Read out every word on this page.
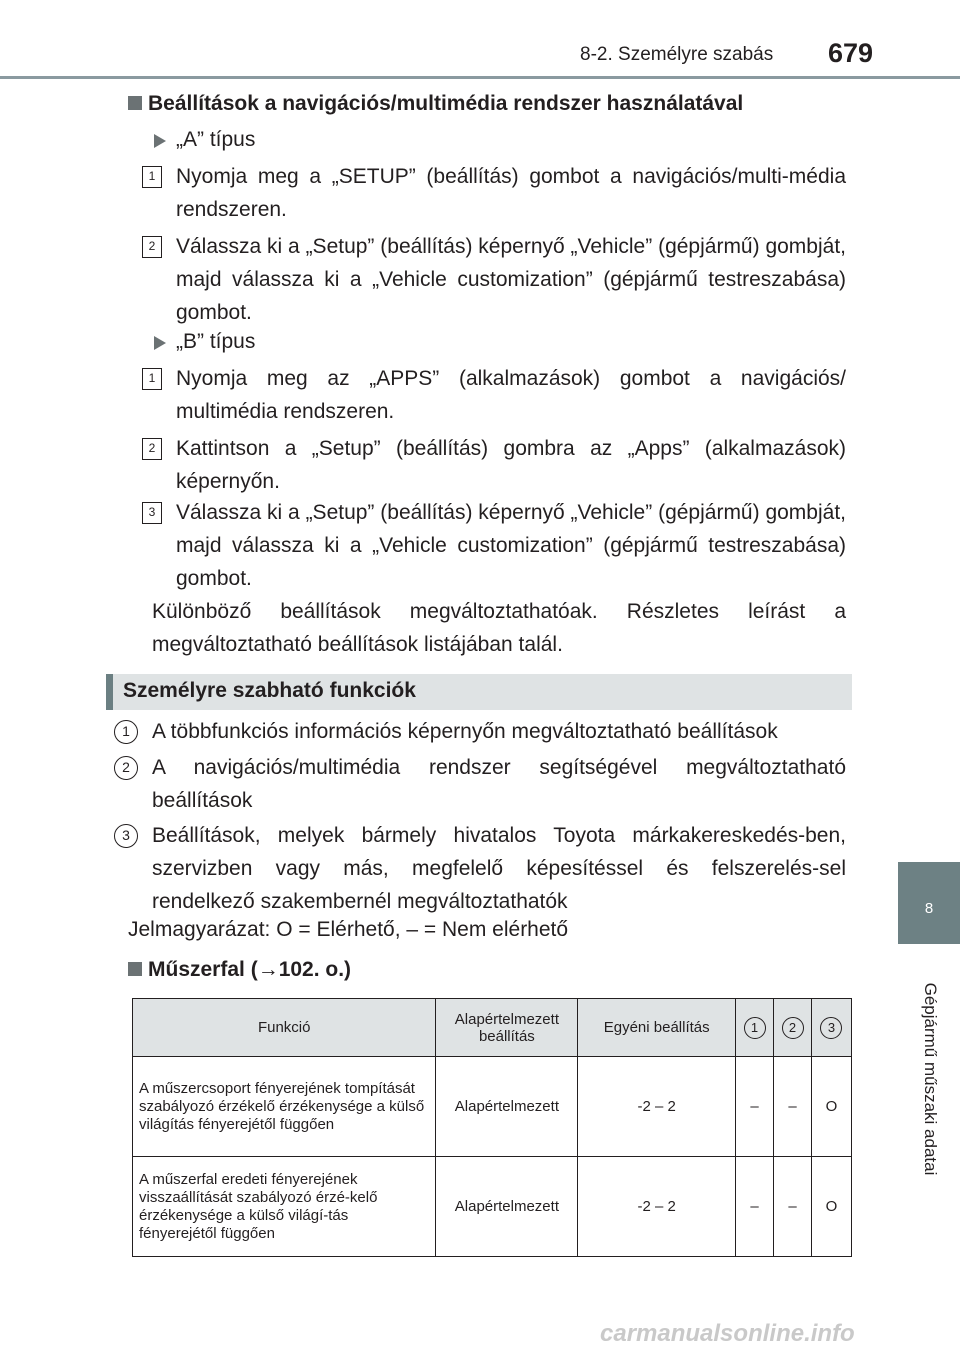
8-2. Személyre szabás 679
8
Gépjármű műszaki adatai
Beállítások a navigációs/multimédia rendszer használatával
„A” típus
1 Nyomja meg a „SETUP” (beállítás) gombot a navigációs/multi-média rendszeren.
2 Válassza ki a „Setup” (beállítás) képernyő „Vehicle” (gépjármű) gombját, majd válassza ki a „Vehicle customization” (gépjármű testreszabása) gombot.
„B” típus
1 Nyomja meg az „APPS” (alkalmazások) gombot a navigációs/ multimédia rendszeren.
2 Kattintson a „Setup” (beállítás) gombra az „Apps” (alkalmazások) képernyőn.
3 Válassza ki a „Setup” (beállítás) képernyő „Vehicle” (gépjármű) gombját, majd válassza ki a „Vehicle customization” (gépjármű testreszabása) gombot.
Különböző beállítások megváltoztathatóak. Részletes leírást a megváltoztatható beállítások listájában talál.
Személyre szabható funkciók
1	A többfunkciós információs képernyőn megváltoztatható beállítások
2	A navigációs/multimédia rendszer segítségével megváltoztatható beállítások
3	Beállítások, melyek bármely hivatalos Toyota márkakereskedés-ben, szervizben vagy más, megfelelő képesítéssel és felszerelés-sel rendelkező szakembernél megváltoztathatók
Jelmagyarázat: O = Elérhető, – = Nem elérhető
Műszerfal (→102. o.)
Funkció	Alapértelmezett beállítás	Egyéni beállítás	1	2	3
A műszercsoport fényerejének tompítását szabályozó érzékelő érzékenysége a külső világítás fényerejétől függően	Alapértelmezett	-2 – 2	–	–	O
A műszerfal eredeti fényerejének visszaállítását szabályozó érzé-kelő érzékenysége a külső világí-tás fényerejétől függően	Alapértelmezett	-2 – 2	–	–	O
carmanualsonline.info
